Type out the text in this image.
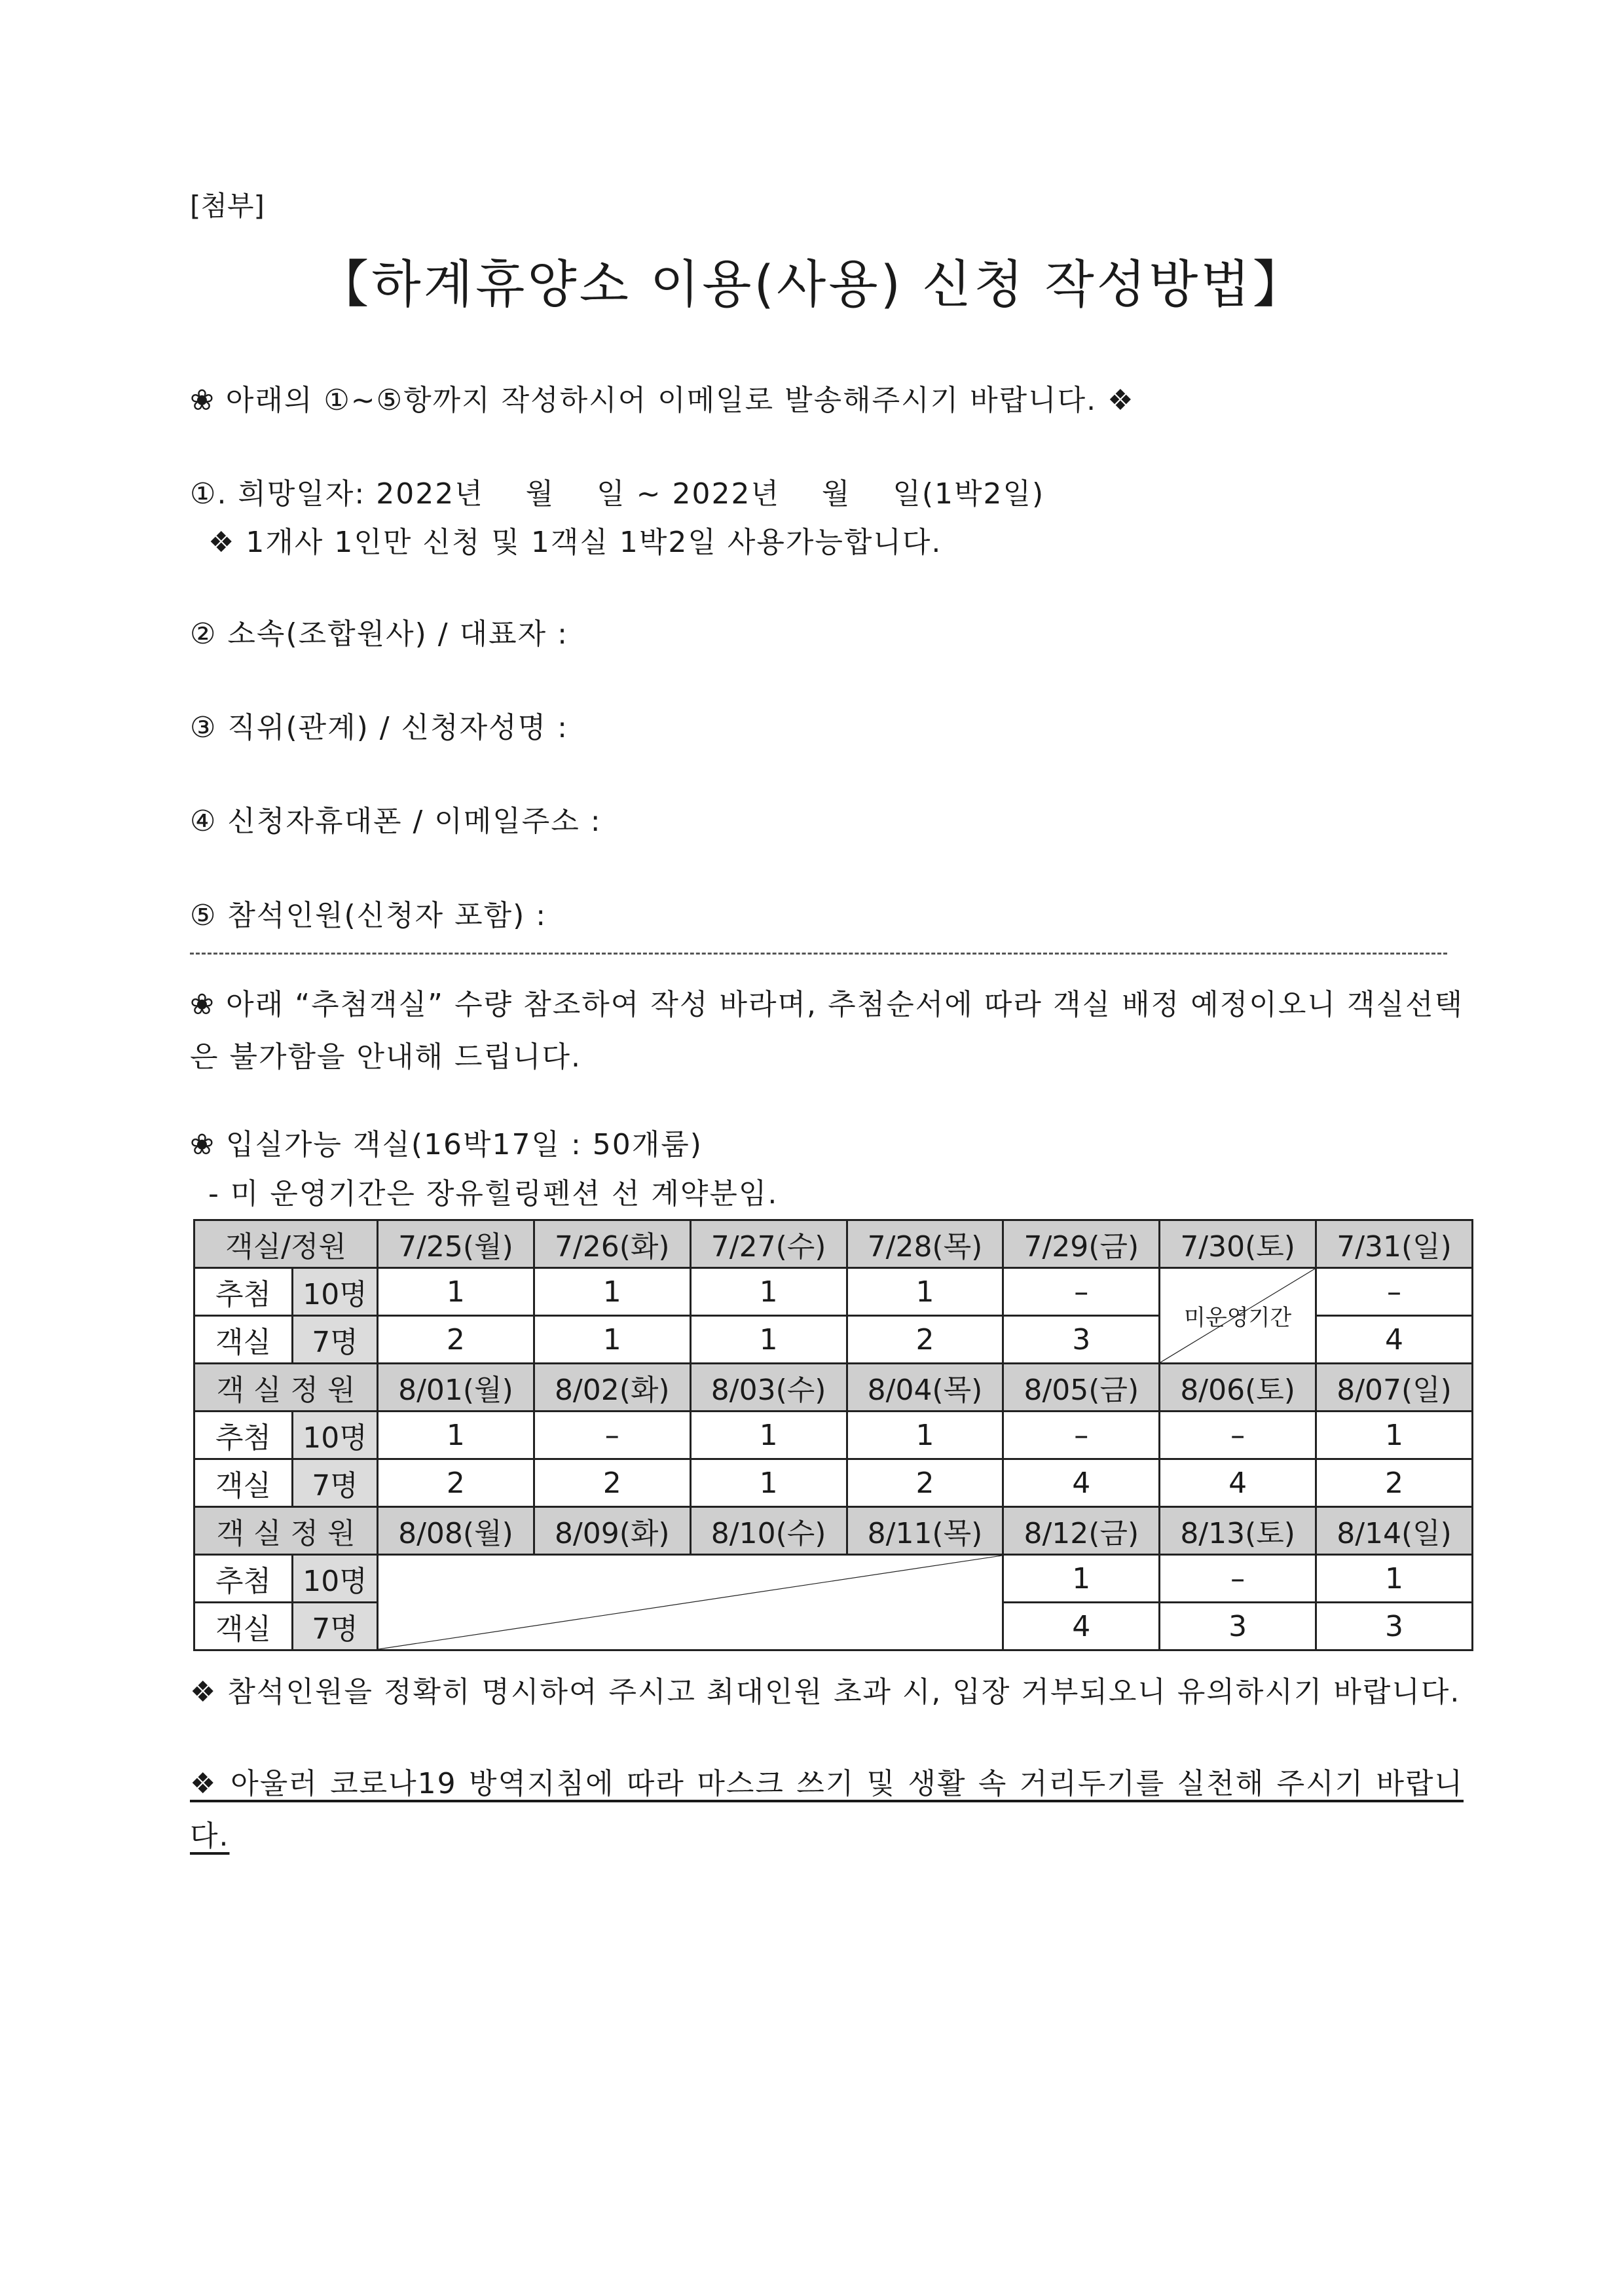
[첨부]
【하계휴양소 이용(사용) 신청 작성방법】
❀ 아래의 ①~⑤항까지 작성하시어 이메일로 발송해주시기 바랍니다. ❖
①. 희망일자: 2022년    월    일 ~ 2022년    월    일(1박2일)
❖ 1개사 1인만 신청 및 1객실 1박2일 사용가능합니다.
② 소속(조합원사) / 대표자 :
③ 직위(관계) / 신청자성명 :
④ 신청자휴대폰 / 이메일주소 :
⑤ 참석인원(신청자 포함) :
❀ 아래 “추첨객실” 수량 참조하여 작성 바라며, 추첨순서에 따라 객실 배정 예정이오니 객실선택은 불가함을 안내해 드립니다.
❀ 입실가능 객실(16박17일 : 50개룸)
- 미 운영기간은 장유힐링펜션 선 계약분임.
객실/정원		7/25(월)	7/26(화)	7/27(수)	7/28(목)	7/29(금)	7/30(토)	7/31(일)
추첨	10명	1	1	1	1	–	미운영기간	–
객실	7명	2	1	1	2	3		4
객 실 정 원		8/01(월)	8/02(화)	8/03(수)	8/04(목)	8/05(금)	8/06(토)	8/07(일)
추첨	10명	1	–	1	1	–	–	1
객실	7명	2	2	1	2	4	4	2
객 실 정 원		8/08(월)	8/09(화)	8/10(수)	8/11(목)	8/12(금)	8/13(토)	8/14(일)
추첨	10명					1	–	1
객실	7명					4	3	3
❖ 참석인원을 정확히 명시하여 주시고 최대인원 초과 시, 입장 거부되오니 유의하시기 바랍니다.
❖ 아울러 코로나19 방역지침에 따라 마스크 쓰기 및 생활 속 거리두기를 실천해 주시기 바랍니다.
